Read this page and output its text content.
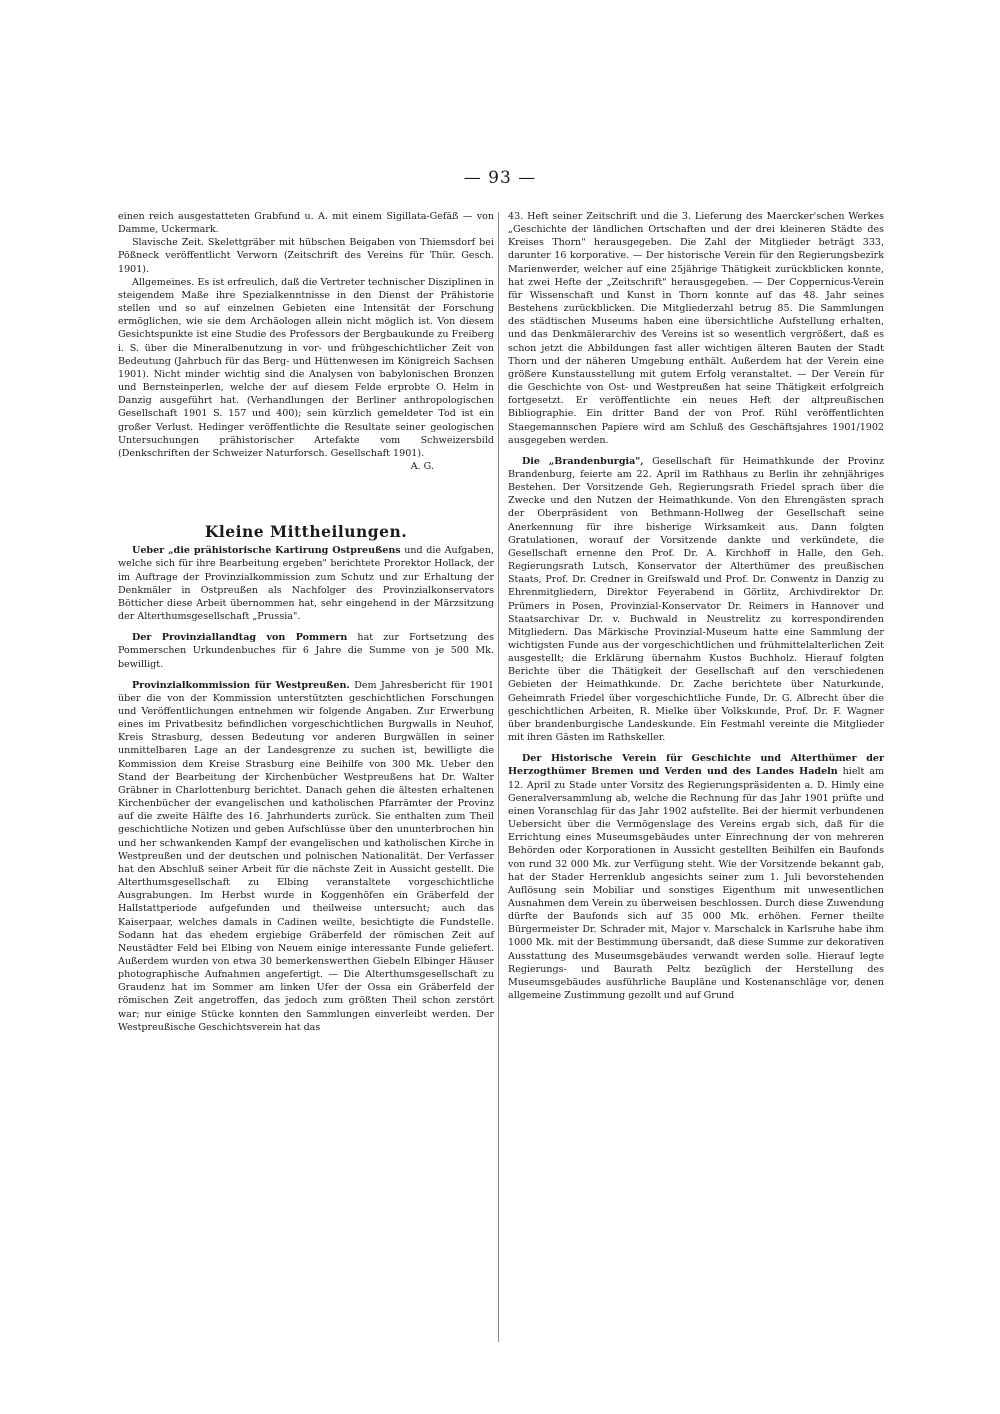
— 93 —

einen reich ausgestatteten Grabfund u. A. mit einem Sigillata-Gefäß — von Damme, Uckermark.

Slavische Zeit. Skelettgräber mit hübschen Beigaben von Thiemsdorf bei Pößneck veröffentlicht Verworn (Zeitschrift des Vereins für Thür. Gesch. 1901).

Allgemeines. Es ist erfreulich, daß die Vertreter technischer Disziplinen in steigendem Maße ihre Spezialkenntnisse in den Dienst der Prähistorie stellen und so auf einzelnen Gebieten eine Intensität der Forschung ermöglichen, wie sie dem Archäologen allein nicht möglich ist. Von diesem Gesichtspunkte ist eine Studie des Professors der Bergbaukunde zu Freiberg i. S. über die Mineralbenutzung in vor- und frühgeschichtlicher Zeit von Bedeutung (Jahrbuch für das Berg- und Hüttenwesen im Königreich Sachsen 1901). Nicht minder wichtig sind die Analysen von babylonischen Bronzen und Bernsteinperlen, welche der auf diesem Felde erprobte O. Helm in Danzig ausgeführt hat. (Verhandlungen der Berliner anthropologischen Gesellschaft 1901 S. 157 und 400); sein kürzlich gemeldeter Tod ist ein großer Verlust. Hedinger veröffentlichte die Resultate seiner geologischen Untersuchungen prähistorischer Artefakte vom Schweizersbild (Denkschriften der Schweizer Naturforsch. Gesellschaft 1901).

A. G.

Kleine Mittheilungen.

Ueber „die prähistorische Kartirung Ostpreußens und die Aufgaben, welche sich für ihre Bearbeitung ergeben" berichtete Prorektor Hollack, der im Auftrage der Provinzialkommission zum Schutz und zur Erhaltung der Denkmäler in Ostpreußen als Nachfolger des Provinzialkonservators Bötticher diese Arbeit übernommen hat, sehr eingehend in der Märzsitzung der Alterthumsgesellschaft „Prussia".

Der Provinziallandtag von Pommern hat zur Fortsetzung des Pommerschen Urkundenbuches für 6 Jahre die Summe von je 500 Mk. bewilligt.

Provinzialkommission für Westpreußen. Dem Jahresbericht für 1901 über die von der Kommission unterstützten geschichtlichen Forschungen und Veröffentlichungen entnehmen wir folgende Angaben. Zur Erwerbung eines im Privatbesitz befindlichen vorgeschichtlichen Burgwalls in Neuhof, Kreis Strasburg, dessen Bedeutung vor anderen Burgwällen in seiner unmittelbaren Lage an der Landesgrenze zu suchen ist, bewilligte die Kommission dem Kreise Strasburg eine Beihilfe von 300 Mk. Ueber den Stand der Bearbeitung der Kirchenbücher Westpreußens hat Dr. Walter Gräbner in Charlottenburg berichtet. Danach gehen die ältesten erhaltenen Kirchenbücher der evangelischen und katholischen Pfarrämter der Provinz auf die zweite Hälfte des 16. Jahrhunderts zurück. Sie enthalten zum Theil geschichtliche Notizen und geben Aufschlüsse über den ununterbrochen hin und her schwankenden Kampf der evangelischen und katholischen Kirche in Westpreußen und der deutschen und polnischen Nationalität. Der Verfasser hat den Abschluß seiner Arbeit für die nächste Zeit in Aussicht gestellt. Die Alterthumsgesellschaft zu Elbing veranstaltete vorgeschichtliche Ausgrabungen. Im Herbst wurde in Koggenhöfen ein Gräberfeld der Hallstattperiode aufgefunden und theilweise untersucht; auch das Kaiserpaar, welches damals in Cadinen weilte, besichtigte die Fundstelle. Sodann hat das ehedem ergiebige Gräberfeld der römischen Zeit auf Neustädter Feld bei Elbing von Neuem einige interessante Funde geliefert. Außerdem wurden von etwa 30 bemerkenswerthen Giebeln Elbinger Häuser photographische Aufnahmen angefertigt. — Die Alterthumsgesellschaft zu Graudenz hat im Sommer am linken Ufer der Ossa ein Gräberfeld der römischen Zeit angetroffen, das jedoch zum größten Theil schon zerstört war; nur einige Stücke konnten den Sammlungen einverleibt werden. Der Westpreußische Geschichtsverein hat das

43. Heft seiner Zeitschrift und die 3. Lieferung des Maercker'schen Werkes „Geschichte der ländlichen Ortschaften und der drei kleineren Städte des Kreises Thorn" herausgegeben. Die Zahl der Mitglieder beträgt 333, darunter 16 korporative. — Der historische Verein für den Regierungsbezirk Marienwerder, welcher auf eine 25jährige Thätigkeit zurückblicken konnte, hat zwei Hefte der „Zeitschrift" herausgegeben. — Der Coppernicus-Verein für Wissenschaft und Kunst in Thorn konnte auf das 48. Jahr seines Bestehens zurückblicken. Die Mitgliederzahl betrug 85. Die Sammlungen des städtischen Museums haben eine übersichtliche Aufstellung erhalten, und das Denkmälerarchiv des Vereins ist so wesentlich vergrößert, daß es schon jetzt die Abbildungen fast aller wichtigen älteren Bauten der Stadt Thorn und der näheren Umgebung enthält. Außerdem hat der Verein eine größere Kunstausstellung mit gutem Erfolg veranstaltet. — Der Verein für die Geschichte von Ost- und Westpreußen hat seine Thätigkeit erfolgreich fortgesetzt. Er veröffentlichte ein neues Heft der altpreußischen Bibliographie. Ein dritter Band der von Prof. Rühl veröffentlichten Staegemannschen Papiere wird am Schluß des Geschäftsjahres 1901/1902 ausgegeben werden.

Die „Brandenburgia", Gesellschaft für Heimathkunde der Provinz Brandenburg, feierte am 22. April im Rathhaus zu Berlin ihr zehnjähriges Bestehen. Der Vorsitzende Geh. Regierungsrath Friedel sprach über die Zwecke und den Nutzen der Heimathkunde. Von den Ehrengästen sprach der Oberpräsident von Bethmann-Hollweg der Gesellschaft seine Anerkennung für ihre bisherige Wirksamkeit aus. Dann folgten Gratulationen, worauf der Vorsitzende dankte und verkündete, die Gesellschaft ernenne den Prof. Dr. A. Kirchhoff in Halle, den Geh. Regierungsrath Lutsch, Konservator der Alterthümer des preußischen Staats, Prof. Dr. Credner in Greifswald und Prof. Dr. Conwentz in Danzig zu Ehrenmitgliedern, Direktor Feyerabend in Görlitz, Archivdirektor Dr. Prümers in Posen, Provinzial-Konservator Dr. Reimers in Hannover und Staatsarchivar Dr. v. Buchwald in Neustrelitz zu korrespondirenden Mitgliedern. Das Märkische Provinzial-Museum hatte eine Sammlung der wichtigsten Funde aus der vorgeschichtlichen und frühmittelalterlichen Zeit ausgestellt; die Erklärung übernahm Kustos Buchholz. Hierauf folgten Berichte über die Thätigkeit der Gesellschaft auf den verschiedenen Gebieten der Heimathkunde. Dr. Zache berichtete über Naturkunde, Geheimrath Friedel über vorgeschichtliche Funde, Dr. G. Albrecht über die geschichtlichen Arbeiten, R. Mielke über Volkskunde, Prof. Dr. F. Wagner über brandenburgische Landeskunde. Ein Festmahl vereinte die Mitglieder mit ihren Gästen im Rathskeller.

Der Historische Verein für Geschichte und Alterthümer der Herzogthümer Bremen und Verden und des Landes Hadeln hielt am 12. April zu Stade unter Vorsitz des Regierungspräsidenten a. D. Himly eine Generalversammlung ab, welche die Rechnung für das Jahr 1901 prüfte und einen Voranschlag für das Jahr 1902 aufstellte. Bei der hiermit verbundenen Uebersicht über die Vermögenslage des Vereins ergab sich, daß für die Errichtung eines Museumsgebäudes unter Einrechnung der von mehreren Behörden oder Korporationen in Aussicht gestellten Beihilfen ein Baufonds von rund 32 000 Mk. zur Verfügung steht. Wie der Vorsitzende bekannt gab, hat der Stader Herrenklub angesichts seiner zum 1. Juli bevorstehenden Auflösung sein Mobiliar und sonstiges Eigenthum mit unwesentlichen Ausnahmen dem Verein zu überweisen beschlossen. Durch diese Zuwendung dürfte der Baufonds sich auf 35 000 Mk. erhöhen. Ferner theilte Bürgermeister Dr. Schrader mit, Major v. Marschalck in Karlsruhe habe ihm 1000 Mk. mit der Bestimmung übersandt, daß diese Summe zur dekorativen Ausstattung des Museumsgebäudes verwandt werden solle. Hierauf legte Regierungs- und Baurath Peltz bezüglich der Herstellung des Museumsgebäudes ausführliche Baupläne und Kostenanschläge vor, denen allgemeine Zustimmung gezollt und auf Grund
